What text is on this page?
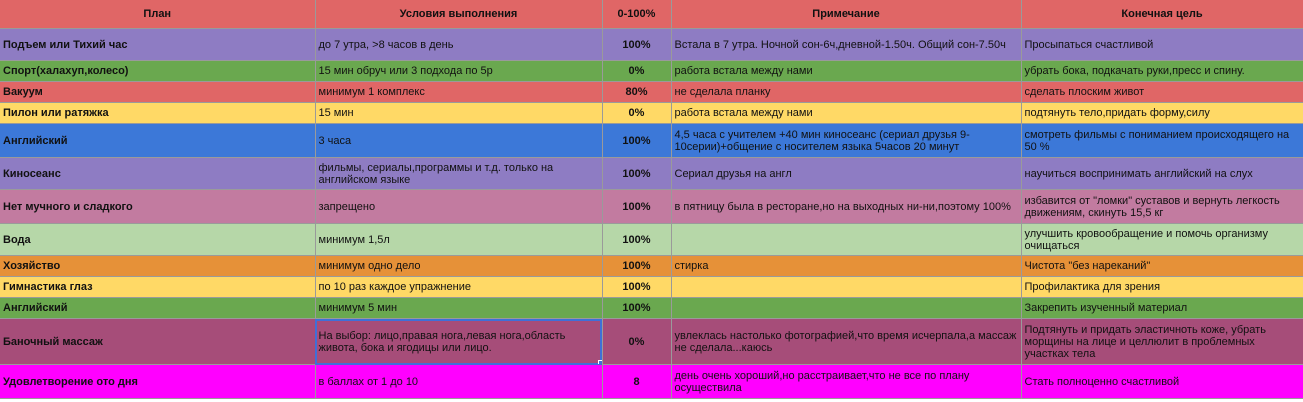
План	Условия выполнения	0-100%	Примечание	Конечная цель
Подъем или Тихий час	до 7 утра, >8 часов в день	100%	Встала в 7 утра. Ночной сон-6ч,дневной-1.50ч. Общий сон-7.50ч	Просыпаться счастливой
Спорт(халахуп,колесо)	15 мин обруч или 3 подхода по 5р	0%	работа встала между нами	убрать бока, подкачать руки,пресс и спину.
Вакуум	минимум 1 комплекс	80%	не сделала планку	сделать плоским живот
Пилон или ратяжка	15 мин	0%	работа встала между нами	подтянуть тело,придать форму,силу
Английский	3 часа	100%	4,5 часа с учителем +40 мин киносеанс (сериал друзья 9-10серии)+общение с носителем языка 5часов 20 минут	смотреть фильмы с пониманием происходящего на 50 %
Киносеанс	фильмы, сериалы,программы и т.д. только на английском языке	100%	Сериал друзья на англ	научиться воспринимать английский на слух
Нет мучного и сладкого	запрещено	100%	в пятницу была в ресторане,но на выходных ни-ни,поэтому 100%	избавится от "ломки" суставов и вернуть легкость движениям, скинуть 15,5 кг
Вода	минимум 1,5л	100%		улучшить кровообращение и помочь организму очищаться
Хозяйство	минимум одно дело	100%	стирка	Чистота "без нареканий"
Гимнастика глаз	по 10 раз каждое упражнение	100%		Профилактика для зрения
Английский	минимум 5 мин	100%		Закрепить изученный материал
Баночный массаж	На выбор: лицо,правая нога,левая нога,область живота, бока и ягодицы или лицо.	0%	увлеклась настолько фотографией,что время исчерпала,а массаж не сделала...каюсь	Подтянуть и придать эластичноть коже, убрать морщины на лице и целлюлит в проблемных участках тела
Удовлетворение ото дня	в баллах от 1 до 10	8	день очень хороший,но расстраивает,что не все по плану осуществила	Стать полноценно счастливой
